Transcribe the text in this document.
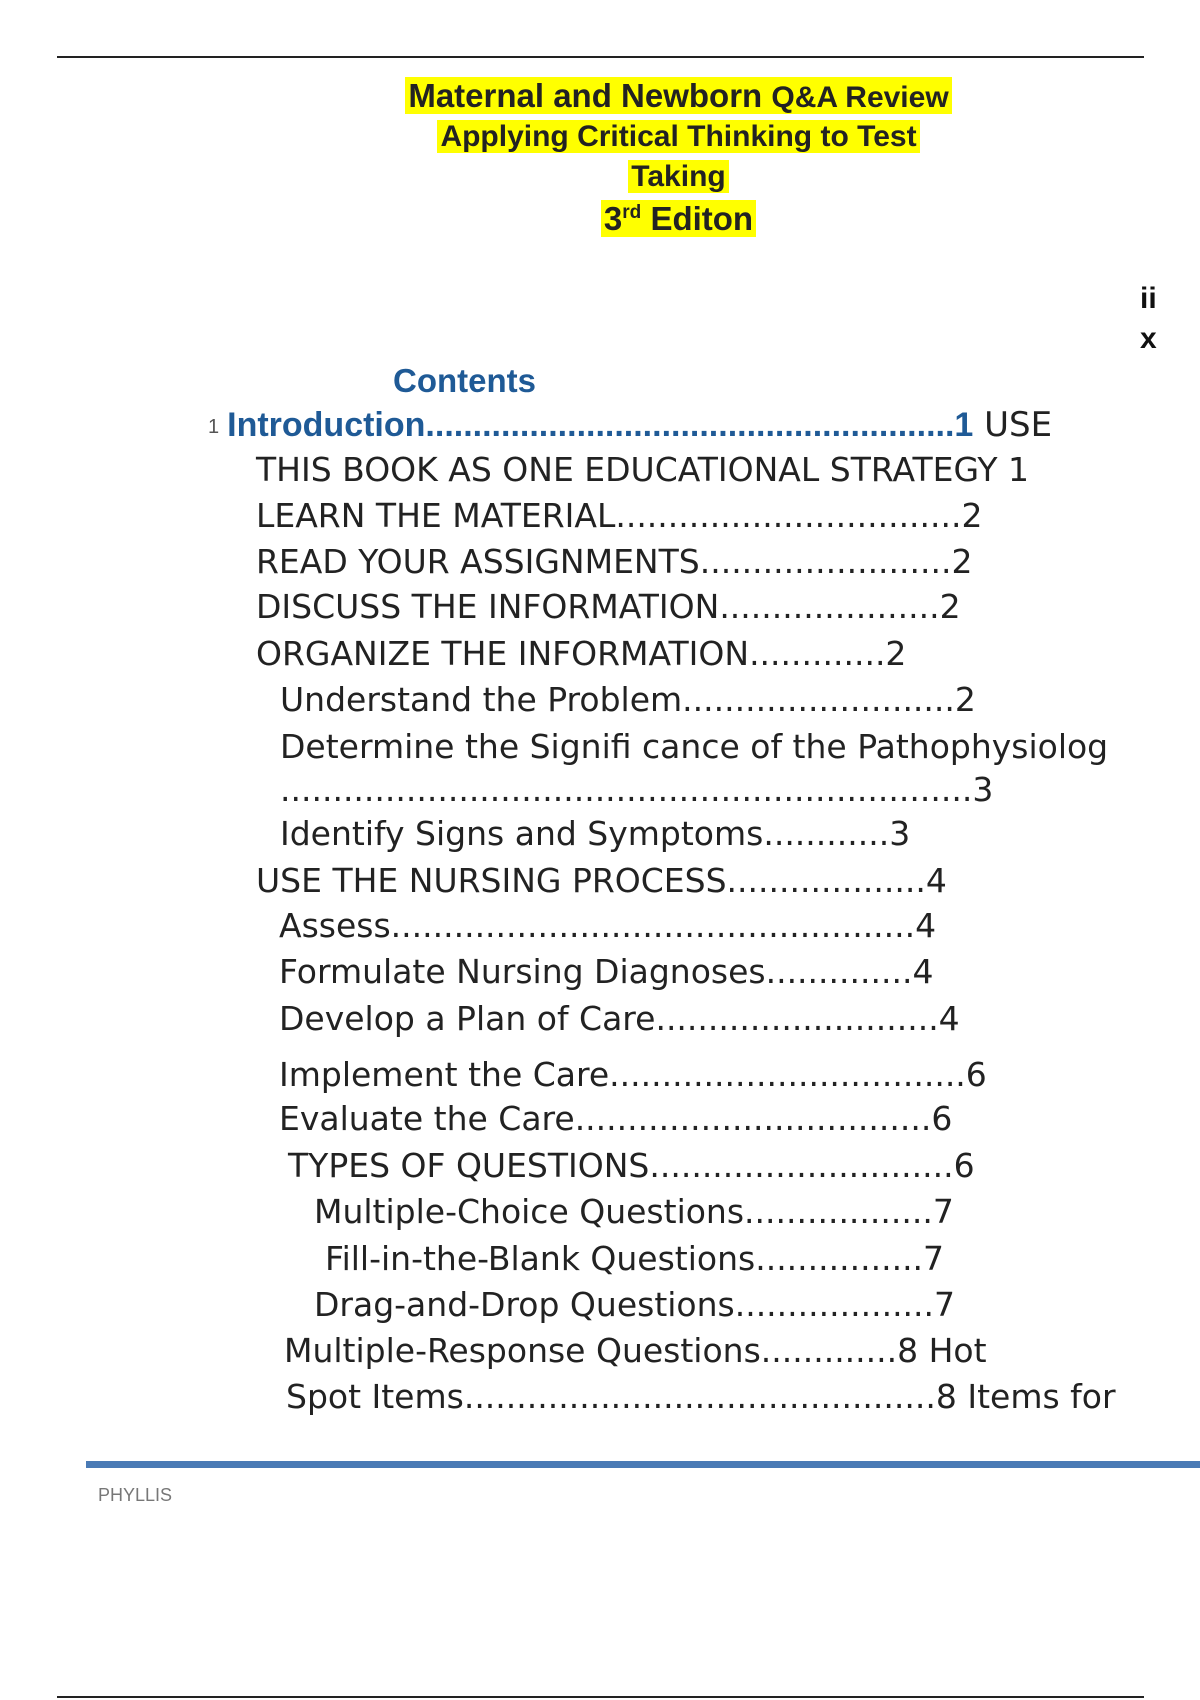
Maternal and Newborn Q&A Review
Applying Critical Thinking to Test
Taking
3rd Editon
ii
x
Contents
1 Introduction........................................................1 USE
THIS BOOK AS ONE EDUCATIONAL STRATEGY 1
LEARN THE MATERIAL.................................2
READ YOUR ASSIGNMENTS........................2
DISCUSS THE INFORMATION.....................2
ORGANIZE THE INFORMATION.............2
Understand the Problem..........................2
Determine the Signifi cance of the Pathophysiolog
..................................................................3
Identify Signs and Symptoms............3
USE THE NURSING PROCESS...................4
Assess..................................................4
Formulate Nursing Diagnoses..............4
Develop a Plan of Care...........................4
Implement the Care..................................6
Evaluate the Care..................................6
TYPES OF QUESTIONS.............................6
Multiple-Choice Questions..................7
Fill-in-the-Blank Questions................7
Drag-and-Drop Questions...................7
Multiple-Response Questions.............8 Hot
Spot Items.............................................8 Items for
PHYLLIS
